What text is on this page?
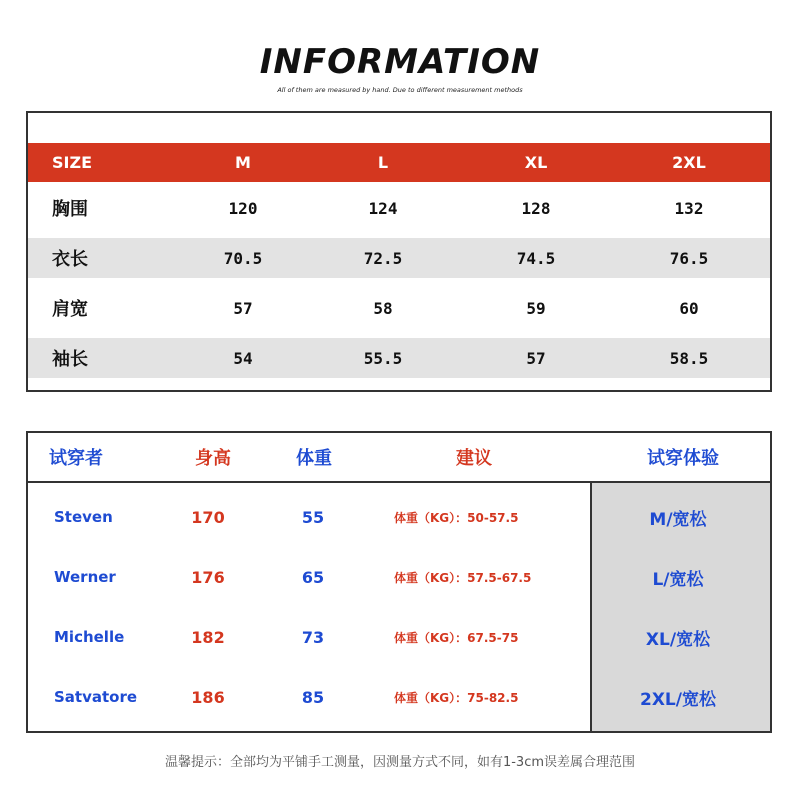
INFORMATION
All of them are measured by hand. Due to different measurement methods
SIZE	M	L	XL	2XL
胸围	120	124	128	132
衣长	70.5	72.5	74.5	76.5
肩宽	57	58	59	60
袖长	54	55.5	57	58.5
试穿者	身高	体重	建议	试穿体验
Steven	170	55	体重（KG）：50-57.5	M/宽松
Werner	176	65	体重（KG）：57.5-67.5	L/宽松
Michelle	182	73	体重（KG）：67.5-75	XL/宽松
Satvatore	186	85	体重（KG）：75-82.5	2XL/宽松
温馨提示：全部均为平铺手工测量，因测量方式不同，如有1-3cm误差属合理范围
